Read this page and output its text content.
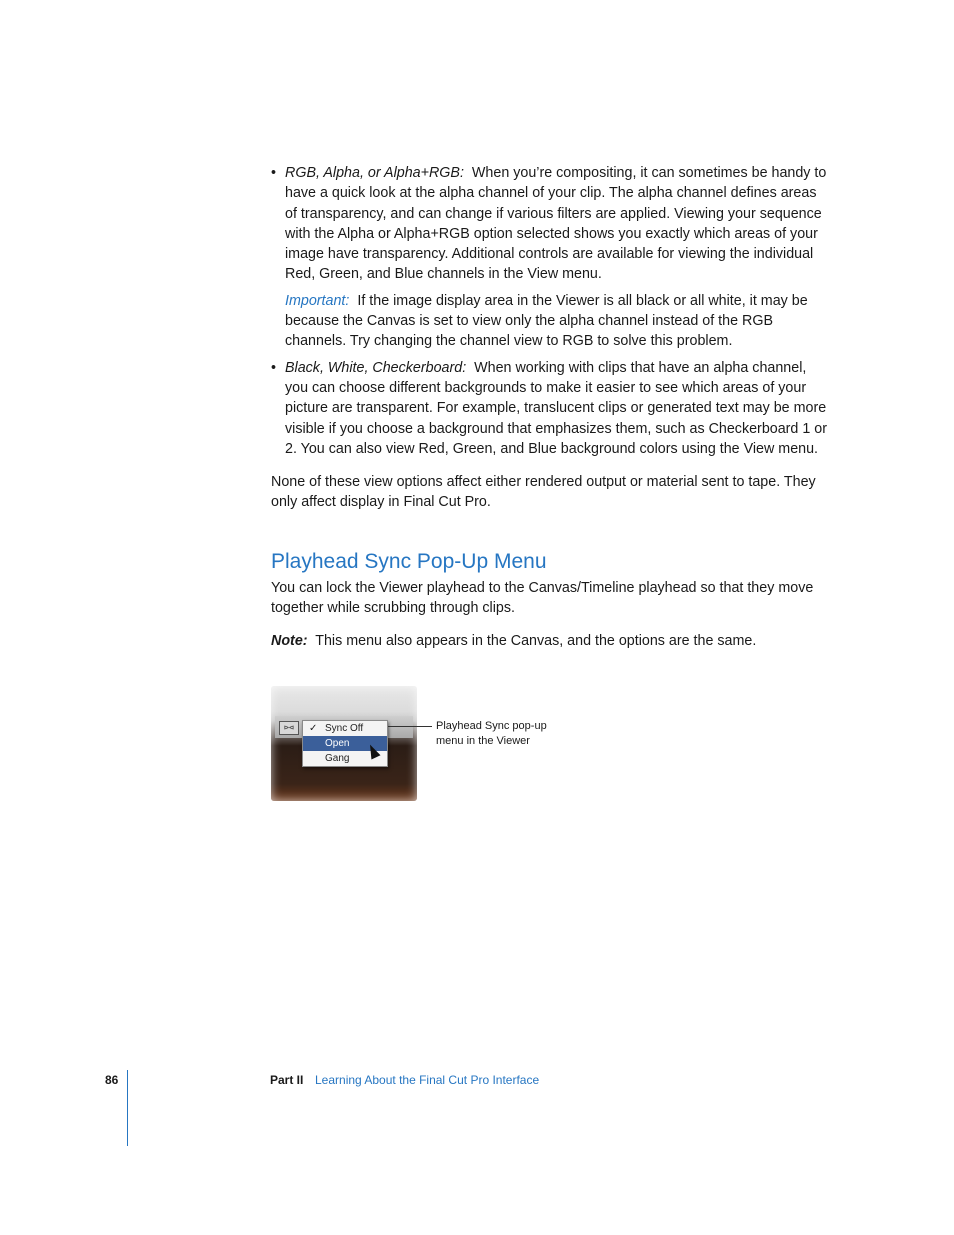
• RGB, Alpha, or Alpha+RGB: When you’re compositing, it can sometimes be handy to have a quick look at the alpha channel of your clip. The alpha channel defines areas of transparency, and can change if various filters are applied. Viewing your sequence with the Alpha or Alpha+RGB option selected shows you exactly which areas of your image have transparency. Additional controls are available for viewing the individual Red, Green, and Blue channels in the View menu.

Important: If the image display area in the Viewer is all black or all white, it may be because the Canvas is set to view only the alpha channel instead of the RGB channels. Try changing the channel view to RGB to solve this problem.

• Black, White, Checkerboard: When working with clips that have an alpha channel, you can choose different backgrounds to make it easier to see which areas of your picture are transparent. For example, translucent clips or generated text may be more visible if you choose a background that emphasizes them, such as Checkerboard 1 or 2. You can also view Red, Green, and Blue background colors using the View menu.

None of these view options affect either rendered output or material sent to tape. They only affect display in Final Cut Pro.

Playhead Sync Pop-Up Menu

You can lock the Viewer playhead to the Canvas/Timeline playhead so that they move together while scrubbing through clips.

Note: This menu also appears in the Canvas, and the options are the same.

⊳⊲	✓ Sync Off
Open
Gang
Playhead Sync pop-up menu in the Viewer
86	Part II Learning About the Final Cut Pro Interface
